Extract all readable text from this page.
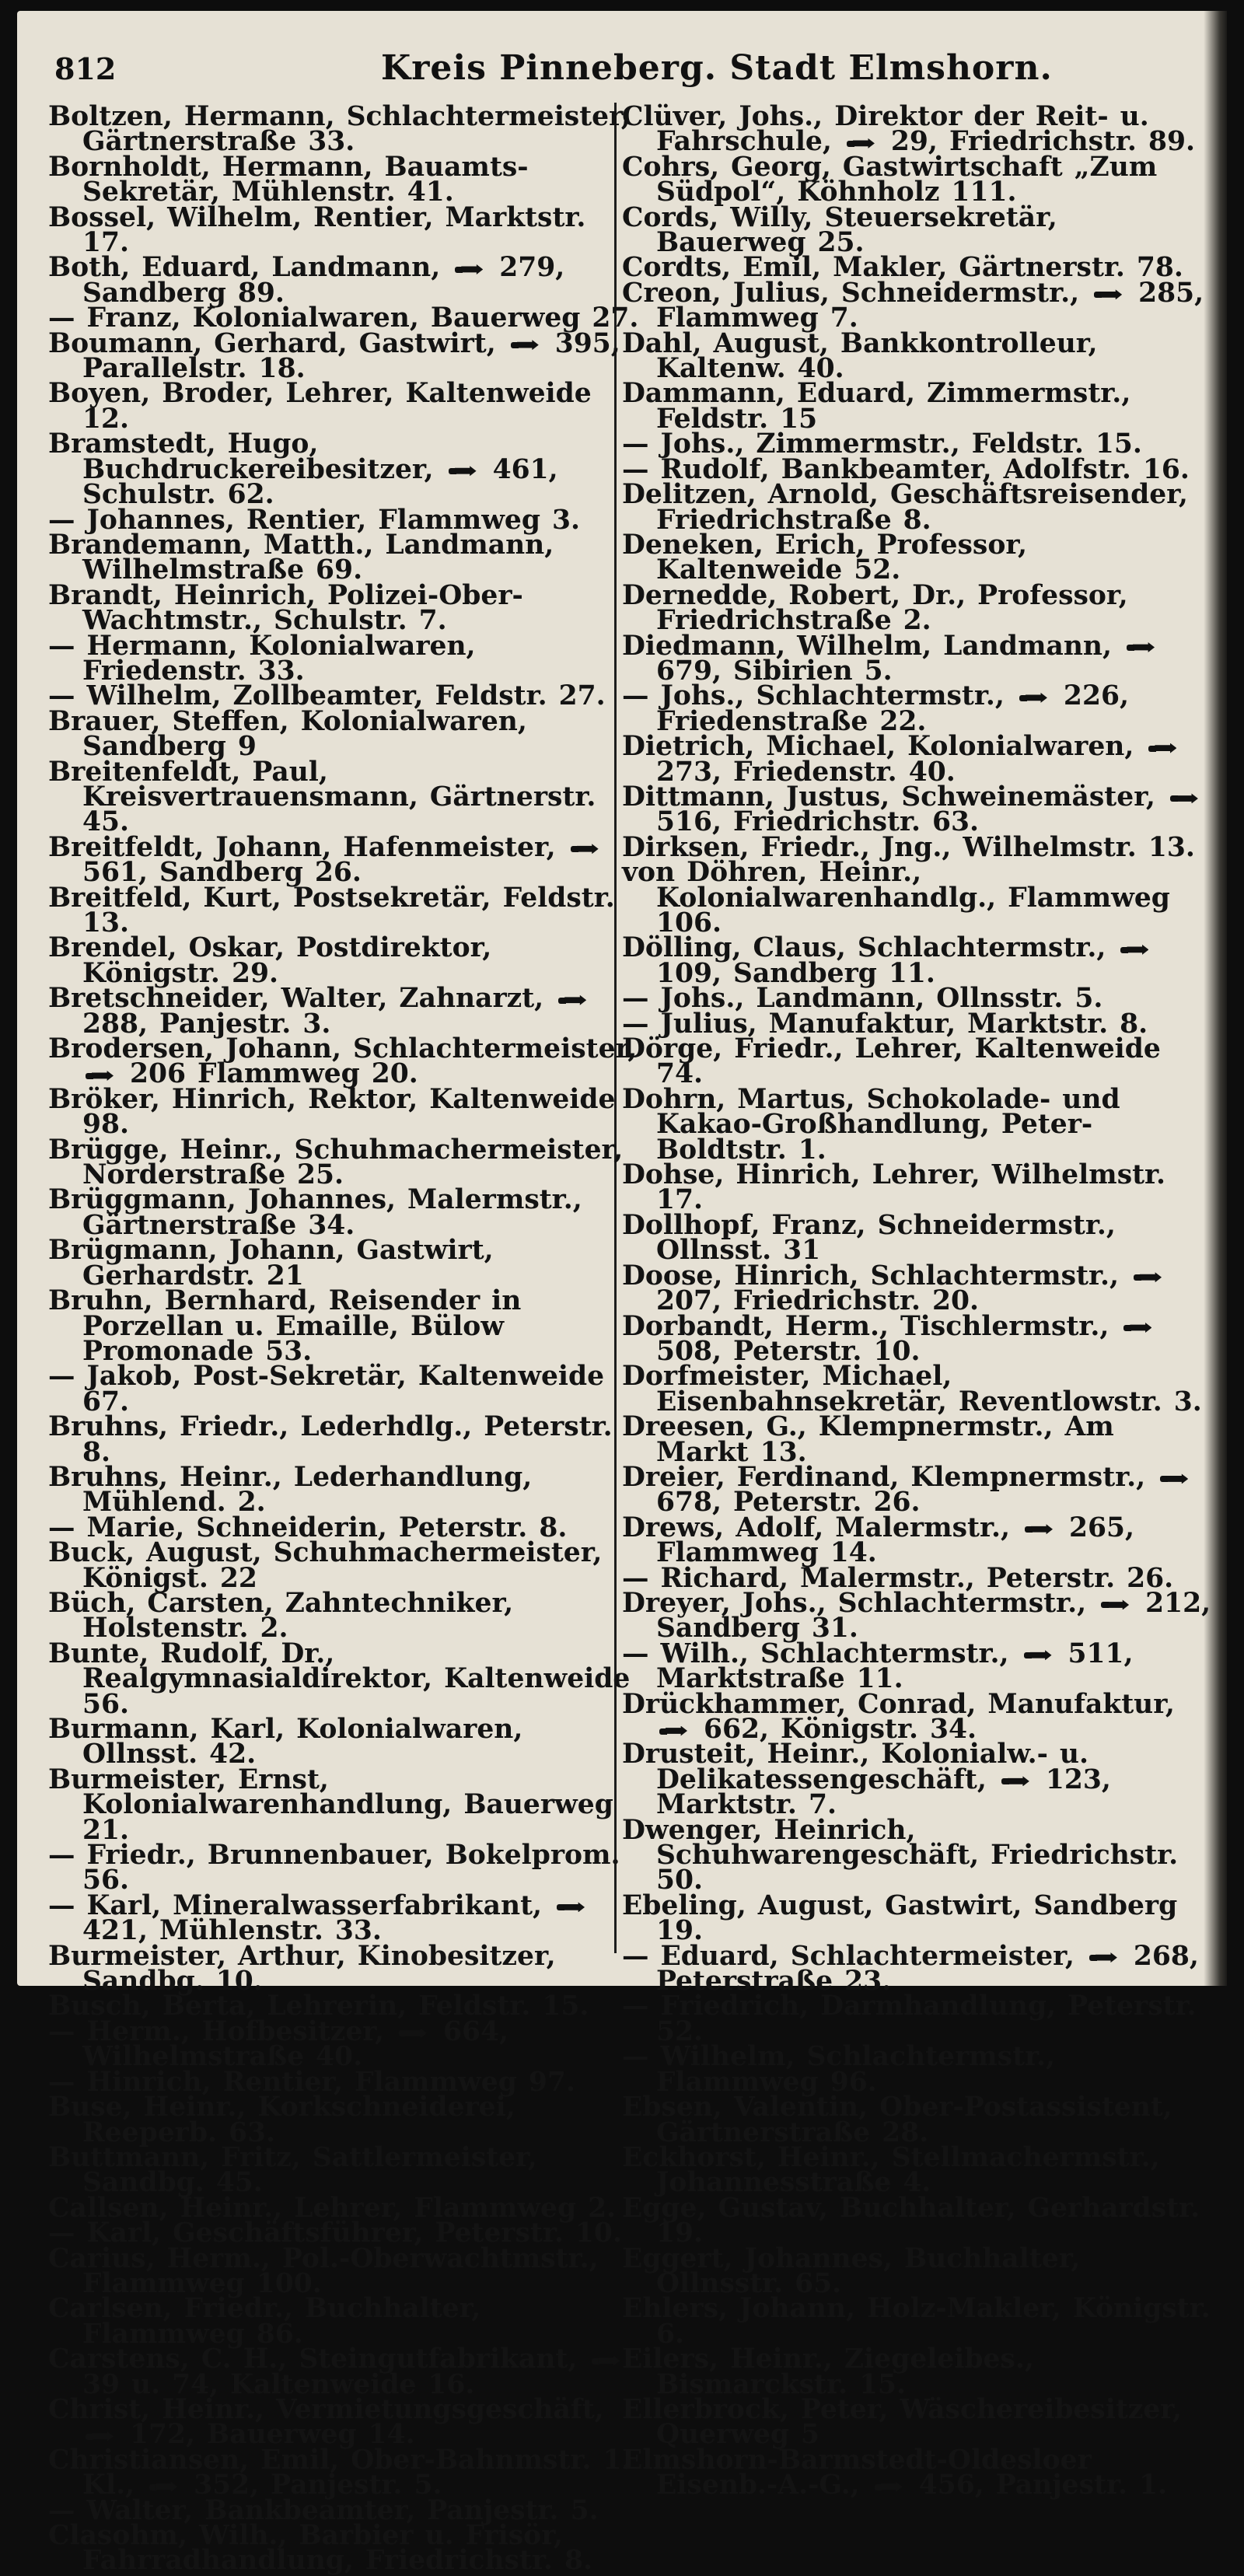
812	Kreis Pinneberg. Stadt Elmshorn.
Boltzen, Hermann, Schlachtermeister, Gärtnerstraße 33.
Bornholdt, Hermann, Bauamts-Sekretär, Mühlenstr. 41.
Bossel, Wilhelm, Rentier, Marktstr. 17.
Both, Eduard, Landmann,  279, Sandberg 89.
— Franz, Kolonialwaren, Bauerweg 27.
Boumann, Gerhard, Gastwirt,  395, Parallelstr. 18.
Boyen, Broder, Lehrer, Kaltenweide 12.
Bramstedt, Hugo, Buchdruckereibesitzer,  461, Schulstr. 62.
— Johannes, Rentier, Flammweg 3.
Brandemann, Matth., Landmann, Wilhelmstraße 69.
Brandt, Heinrich, Polizei-Ober-Wachtmstr., Schulstr. 7.
— Hermann, Kolonialwaren, Friedenstr. 33.
— Wilhelm, Zollbeamter, Feldstr. 27.
Brauer, Steffen, Kolonialwaren, Sandberg 9
Breitenfeldt, Paul, Kreisvertrauensmann, Gärtnerstr. 45.
Breitfeldt, Johann, Hafenmeister,  561, Sandberg 26.
Breitfeld, Kurt, Postsekretär, Feldstr. 13.
Brendel, Oskar, Postdirektor, Königstr. 29.
Bretschneider, Walter, Zahnarzt,  288, Panjestr. 3.
Brodersen, Johann, Schlachtermeister,  206 Flammweg 20.
Bröker, Hinrich, Rektor, Kaltenweide 98.
Brügge, Heinr., Schuhmachermeister, Norderstraße 25.
Brüggmann, Johannes, Malermstr., Gärtnerstraße 34.
Brügmann, Johann, Gastwirt, Gerhardstr. 21
Bruhn, Bernhard, Reisender in Porzellan u. Emaille, Bülow Promonade 53.
— Jakob, Post-Sekretär, Kaltenweide 67.
Bruhns, Friedr., Lederhdlg., Peterstr. 8.
Bruhns, Heinr., Lederhandlung, Mühlend. 2.
— Marie, Schneiderin, Peterstr. 8.
Buck, August, Schuhmachermeister, Königst. 22
Büch, Carsten, Zahntechniker, Holstenstr. 2.
Bunte, Rudolf, Dr., Realgymnasialdirektor, Kaltenweide 56.
Burmann, Karl, Kolonialwaren, Ollnsst. 42.
Burmeister, Ernst, Kolonialwarenhandlung, Bauerweg 21.
— Friedr., Brunnenbauer, Bokelprom. 56.
— Karl, Mineralwasserfabrikant,  421, Mühlenstr. 33.
Burmeister, Arthur, Kinobesitzer, Sandbg. 10.
Busch, Berta, Lehrerin, Feldstr. 15.
— Herm., Hofbesitzer,  664, Wilhelmstraße 40.
— Hinrich, Rentier, Flammweg 97.
Buse, Heinr., Korkschneiderei, Reeperb. 63.
Buttmann, Fritz, Sattlermeister, Sandbg. 45.
Callsen, Heinr., Lehrer, Flammweg 2.
— Karl, Geschäftsführer, Peterstr. 10.
Carius, Herm., Pol.-Oberwachtmstr., Flammweg 100.
Carlsen, Friedr., Buchhalter, Flammweg 86.
Carstens, C. H., Steingutfabrikant,  39 u. 74, Kaltenweide 16.
Christ, Heinr., Vermietungsgeschäft,  172, Bauerweg 14.
Christiansen, Emil, Ober-Bahnmstr. 1. Kl.,  352, Panjestr. 5.
— Walter, Bankbeamter, Panjestr. 5.
Clasohm, Wilh., Barbier u. Frisör, Fahrradhandlung, Friedrichstr. 8.
Clüver, Johs., Direktor der Reit- u. Fahrschule,  29, Friedrichstr. 89.
Cohrs, Georg, Gastwirtschaft „Zum Südpol“, Köhnholz 111.
Cords, Willy, Steuersekretär, Bauerweg 25.
Cordts, Emil, Makler, Gärtnerstr. 78.
Creon, Julius, Schneidermstr.,  285, Flammweg 7.
Dahl, August, Bankkontrolleur, Kaltenw. 40.
Dammann, Eduard, Zimmermstr., Feldstr. 15
— Johs., Zimmermstr., Feldstr. 15.
— Rudolf, Bankbeamter, Adolfstr. 16.
Delitzen, Arnold, Geschäftsreisender, Friedrichstraße 8.
Deneken, Erich, Professor, Kaltenweide 52.
Dernedde, Robert, Dr., Professor, Friedrichstraße 2.
Diedmann, Wilhelm, Landmann,  679, Sibirien 5.
— Johs., Schlachtermstr.,  226, Friedenstraße 22.
Dietrich, Michael, Kolonialwaren,  273, Friedenstr. 40.
Dittmann, Justus, Schweinemäster,  516, Friedrichstr. 63.
Dirksen, Friedr., Jng., Wilhelmstr. 13.
von Döhren, Heinr., Kolonialwarenhandlg., Flammweg 106.
Dölling, Claus, Schlachtermstr.,  109, Sandberg 11.
— Johs., Landmann, Ollnsstr. 5.
— Julius, Manufaktur, Marktstr. 8.
Dörge, Friedr., Lehrer, Kaltenweide 74.
Dohrn, Martus, Schokolade- und Kakao-Großhandlung, Peter-Boldtstr. 1.
Dohse, Hinrich, Lehrer, Wilhelmstr. 17.
Dollhopf, Franz, Schneidermstr., Ollnsst. 31
Doose, Hinrich, Schlachtermstr.,  207, Friedrichstr. 20.
Dorbandt, Herm., Tischlermstr.,  508, Peterstr. 10.
Dorfmeister, Michael, Eisenbahnsekretär, Reventlowstr. 3.
Dreesen, G., Klempnermstr., Am Markt 13.
Dreier, Ferdinand, Klempnermstr.,  678, Peterstr. 26.
Drews, Adolf, Malermstr.,  265, Flammweg 14.
— Richard, Malermstr., Peterstr. 26.
Dreyer, Johs., Schlachtermstr.,  212, Sandberg 31.
— Wilh., Schlachtermstr.,  511, Marktstraße 11.
Drückhammer, Conrad, Manufaktur,  662, Königstr. 34.
Drusteit, Heinr., Kolonialw.- u. Delikatessengeschäft,  123, Marktstr. 7.
Dwenger, Heinrich, Schuhwarengeschäft, Friedrichstr. 50.
Ebeling, August, Gastwirt, Sandberg 19.
— Eduard, Schlachtermeister,  268, Peterstraße 23.
— Friedrich, Darmhandlung, Peterstr. 52.
— Wilhelm, Schlachtermstr., Flammweg 96.
Ebsen, Valentin, Ober-Postassistent, Gärtnerstraße 28.
Eckhorst, Heinr., Stellmachermstr., Johannesstraße 4.
Egge, Gustav, Buchhalter, Gerhardstr. 19.
Eggert, Johannes, Buchhalter, Ollnsstr. 65.
Ehlers, Johann, Holz-Makler, Königstr. 6.
Eilers, Heinr., Ziegeleibes., Bismarckstr. 15.
Ellerbrock, Peter, Wäschereibesitzer, Querweg 5
Elmshorn-Barmstedt-Oldesloer Eisenb.-A.-G.,  456, Panjestr. 1.
